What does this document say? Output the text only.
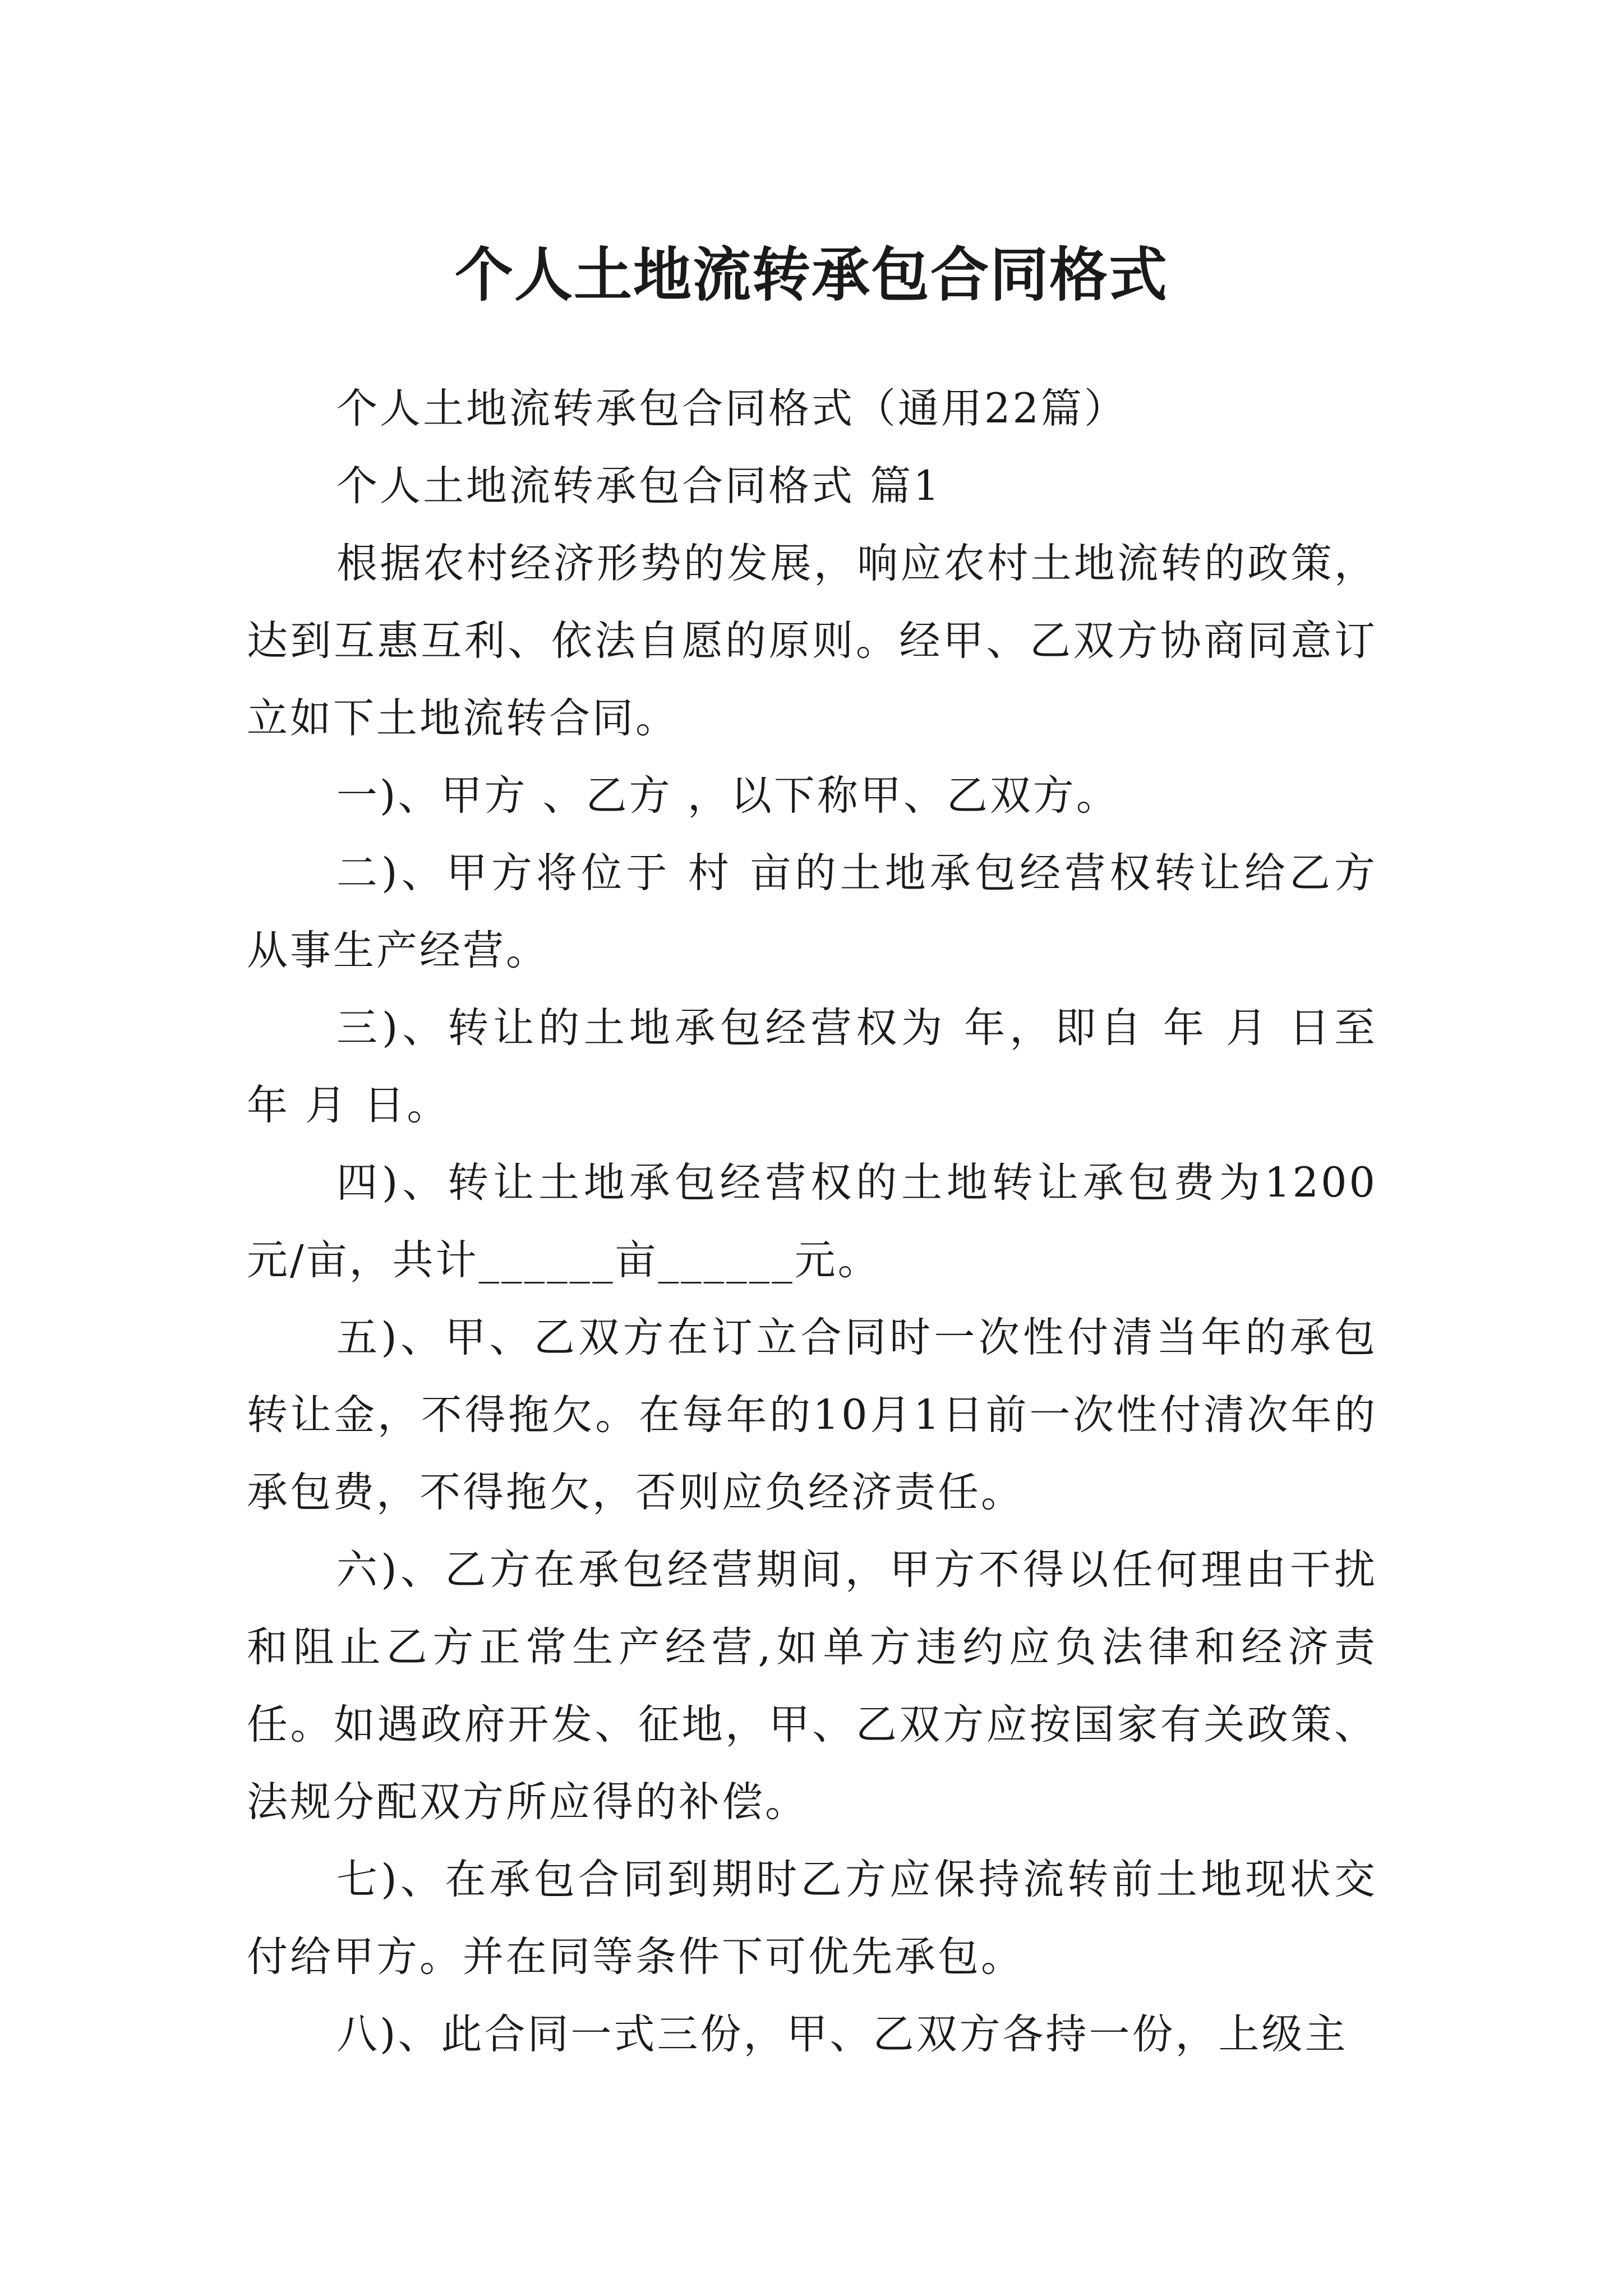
个人土地流转承包合同格式

个人土地流转承包合同格式（通用22篇）

个人土地流转承包合同格式 篇1

根据农村经济形势的发展，响应农村土地流转的政策，达到互惠互利、依法自愿的原则。经甲、乙双方协商同意订立如下土地流转合同。

一)、甲方 、乙方 ，以下称甲、乙双方。

二)、甲方将位于 村 亩的土地承包经营权转让给乙方从事生产经营。

三)、转让的土地承包经营权为 年，即自 年 月 日至 年 月 日。

四)、转让土地承包经营权的土地转让承包费为1200元/亩，共计______亩______元。

五)、甲、乙双方在订立合同时一次性付清当年的承包转让金，不得拖欠。在每年的10月1日前一次性付清次年的承包费，不得拖欠，否则应负经济责任。

六)、乙方在承包经营期间，甲方不得以任何理由干扰和阻止乙方正常生产经营,如单方违约应负法律和经济责任。如遇政府开发、征地，甲、乙双方应按国家有关政策、法规分配双方所应得的补偿。

七)、在承包合同到期时乙方应保持流转前土地现状交付给甲方。并在同等条件下可优先承包。

八)、此合同一式三份，甲、乙双方各持一份，上级主
